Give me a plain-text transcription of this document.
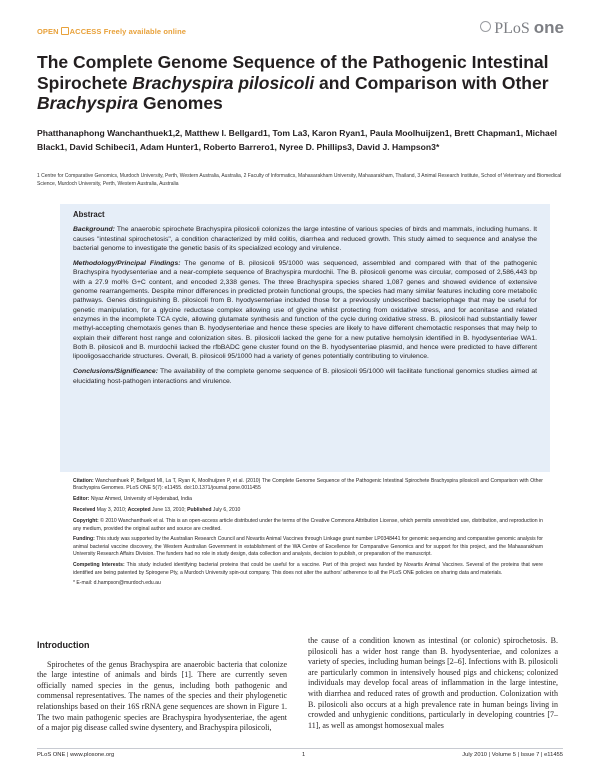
OPEN ACCESS Freely available online	PLoS one
The Complete Genome Sequence of the Pathogenic Intestinal Spirochete Brachyspira pilosicoli and Comparison with Other Brachyspira Genomes
Phatthanaphong Wanchanthuek1,2, Matthew I. Bellgard1, Tom La3, Karon Ryan1, Paula Moolhuijzen1, Brett Chapman1, Michael Black1, David Schibeci1, Adam Hunter1, Roberto Barrero1, Nyree D. Phillips3, David J. Hampson3*
1 Centre for Comparative Genomics, Murdoch University, Perth, Western Australia, Australia, 2 Faculty of Informatics, Mahasarakham University, Mahasarakham, Thailand, 3 Animal Research Institute, School of Veterinary and Biomedical Science, Murdoch University, Perth, Western Australia, Australia
Abstract

Background: The anaerobic spirochete Brachyspira pilosicoli colonizes the large intestine of various species of birds and mammals, including humans. It causes "intestinal spirochetosis", a condition characterized by mild colitis, diarrhea and reduced growth. This study aimed to sequence and analyse the bacterial genome to investigate the genetic basis of its specialized ecology and virulence.

Methodology/Principal Findings: The genome of B. pilosicoli 95/1000 was sequenced, assembled and compared with that of the pathogenic Brachyspira hyodysenteriae and a near-complete sequence of Brachyspira murdochii. The B. pilosicoli genome was circular, composed of 2,586,443 bp with a 27.9 mol% G+C content, and encoded 2,338 genes. The three Brachyspira species shared 1,087 genes and showed evidence of extensive genome rearrangements. Despite minor differences in predicted protein functional groups, the species had many similar features including core metabolic pathways. Genes distinguishing B. pilosicoli from B. hyodysenteriae included those for a previously undescribed bacteriophage that may be useful for genetic manipulation, for a glycine reductase complex allowing use of glycine whilst protecting from oxidative stress, and for aconitase and related enzymes in the incomplete TCA cycle, allowing glutamate synthesis and function of the cycle during oxidative stress. B. pilosicoli had substantially fewer methyl-accepting chemotaxis genes than B. hyodysenteriae and hence these species are likely to have different chemotactic responses that may help to explain their different host range and colonization sites. B. pilosicoli lacked the gene for a new putative hemolysin identified in B. hyodysenteriae WA1. Both B. pilosicoli and B. murdochii lacked the rfbBADC gene cluster found on the B. hyodysenteriae plasmid, and hence were predicted to have different lipooligosaccharide structures. Overall, B. pilosicoli 95/1000 had a variety of genes potentially contributing to virulence.

Conclusions/Significance: The availability of the complete genome sequence of B. pilosicoli 95/1000 will facilitate functional genomics studies aimed at elucidating host-pathogen interactions and virulence.

Citation: Wanchanthuek P, Bellgard MI, La T, Ryan K, Moolhuijzen P, et al. (2010) The Complete Genome Sequence of the Pathogenic Intestinal Spirochete Brachyspira pilosicoli and Comparison with Other Brachyspira Genomes. PLoS ONE 5(7): e11455. doi:10.1371/journal.pone.0011455

Editor: Niyaz Ahmed, University of Hyderabad, India

Received May 3, 2010; Accepted June 13, 2010; Published July 6, 2010

Copyright: © 2010 Wanchanthuek et al. This is an open-access article distributed under the terms of the Creative Commons Attribution License, which permits unrestricted use, distribution, and reproduction in any medium, provided the original author and source are credited.

Funding: This study was supported by the Australian Research Council and Novartis Animal Vaccines through Linkage grant number LP0348441 for genomic sequencing and comparative genomic analysis for animal bacterial vaccine discovery, the Western Australian Government in establishment of the WA Centre of Excellence for Comparative Genomics and for support for this project, and the Mahasarakham University Research Affairs Division. The funders had no role in study design, data collection and analysis, decision to publish, or preparation of the manuscript.

Competing Interests: This study included identifying bacterial proteins that could be useful for a vaccine. Part of this project was funded by Novartis Animal Vaccines. Several of the proteins that were identified are being patented by Spirogene Pty, a Murdoch University spin-out company. This does not alter the authors' adherence to all the PLoS ONE policies on sharing data and materials.

* E-mail: d.hampson@murdoch.edu.au

Introduction

Spirochetes of the genus Brachyspira are anaerobic bacteria that colonize the large intestine of animals and birds [1]. There are currently seven officially named species in the genus, including both pathogenic and commensal representatives. The names of the species and their phylogenetic relationships based on their 16S rRNA gene sequences are shown in Figure 1. The two main pathogenic species are Brachyspira hyodysenteriae, the agent of a major pig disease called swine dysentery, and Brachyspira pilosicoli,

the cause of a condition known as intestinal (or colonic) spirochetosis. B. pilosicoli has a wider host range than B. hyodysenteriae, and colonizes a variety of species, including human beings [2–6]. Infections with B. pilosicoli are particularly common in intensively housed pigs and chickens; colonized individuals may develop focal areas of inflammation in the large intestine, with diarrhea and reduced rates of growth and production. Colonization with B. pilosicoli also occurs at a high prevalence rate in human beings living in crowded and unhygienic conditions, particularly in developing countries [7–11], as well as amongst homosexual males

PLoS ONE | www.plosone.org	1	July 2010 | Volume 5 | Issue 7 | e11455
